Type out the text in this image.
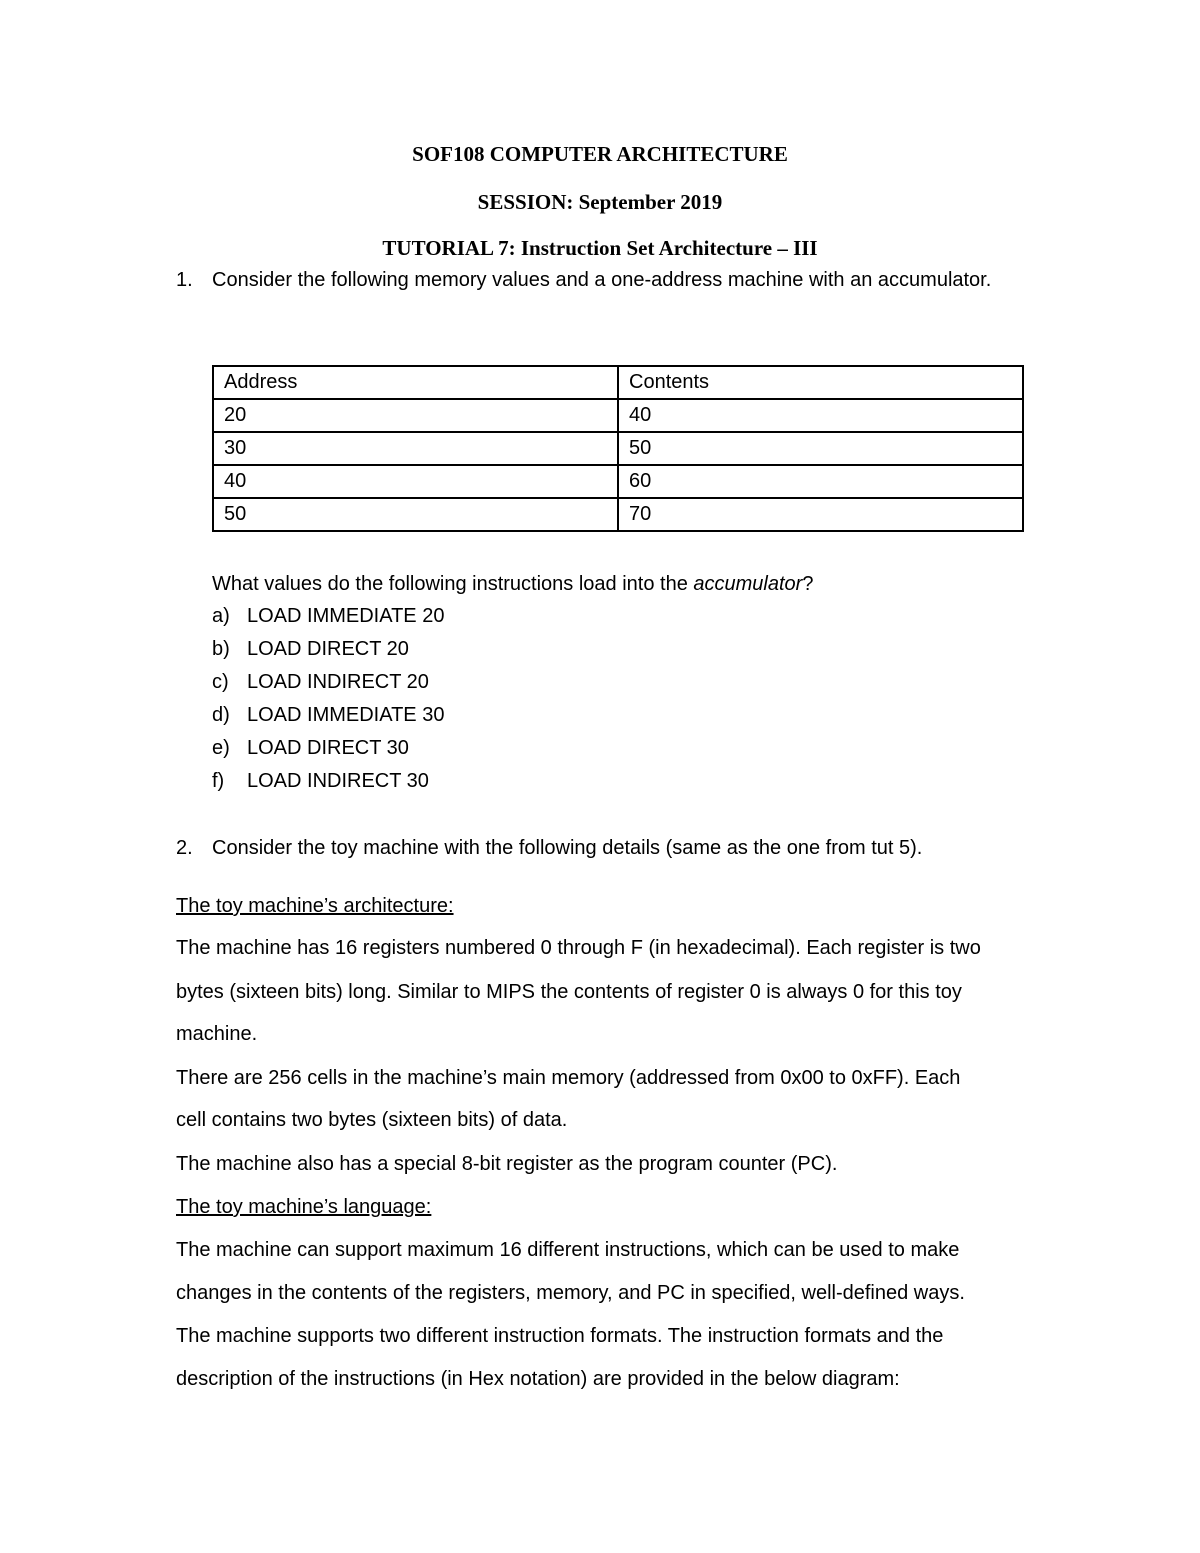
SOF108 COMPUTER ARCHITECTURE
SESSION: September 2019
TUTORIAL 7: Instruction Set Architecture – III
1. Consider the following memory values and a one-address machine with an accumulator.
Address	Contents
20	40
30	50
40	60
50	70
What values do the following instructions load into the accumulator?
a) LOAD IMMEDIATE 20
b) LOAD DIRECT 20
c) LOAD INDIRECT 20
d) LOAD IMMEDIATE 30
e) LOAD DIRECT 30
f) LOAD INDIRECT 30
2. Consider the toy machine with the following details (same as the one from tut 5).
The toy machine’s architecture:
The machine has 16 registers numbered 0 through F (in hexadecimal). Each register is two
bytes (sixteen bits) long. Similar to MIPS the contents of register 0 is always 0 for this toy
machine.
There are 256 cells in the machine’s main memory (addressed from 0x00 to 0xFF). Each
cell contains two bytes (sixteen bits) of data.
The machine also has a special 8-bit register as the program counter (PC).
The toy machine’s language:
The machine can support maximum 16 different instructions, which can be used to make
changes in the contents of the registers, memory, and PC in specified, well-defined ways.
The machine supports two different instruction formats. The instruction formats and the
description of the instructions (in Hex notation) are provided in the below diagram:
